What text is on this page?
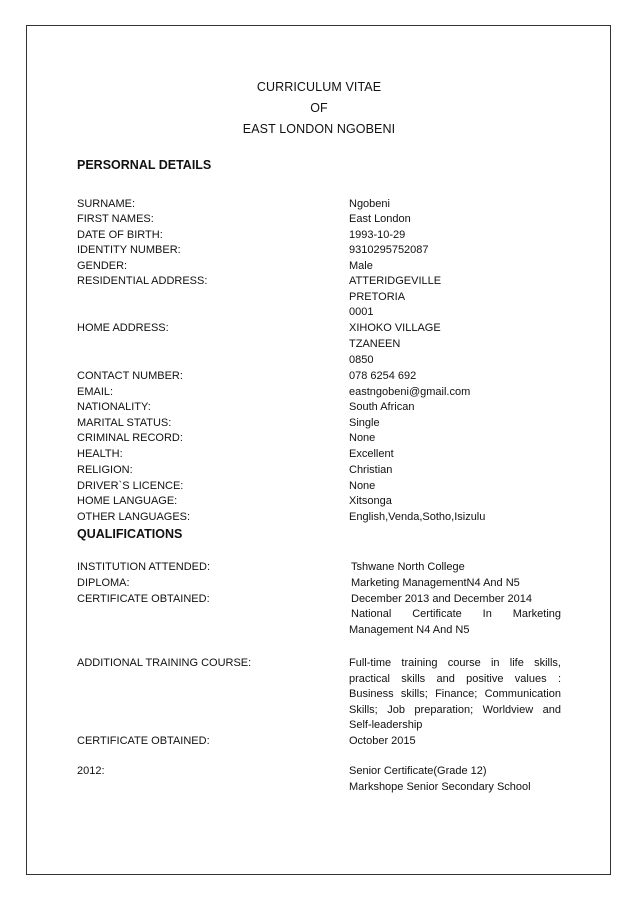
CURRICULUM VITAE
OF
EAST LONDON NGOBENI
PERSORNAL DETAILS
SURNAME:	Ngobeni
FIRST NAMES:	East London
DATE OF BIRTH:	1993-10-29
IDENTITY NUMBER:	9310295752087
GENDER:	Male
RESIDENTIAL ADDRESS:	ATTERIDGEVILLE
PRETORIA
0001
HOME ADDRESS:	XIHOKO VILLAGE
TZANEEN
0850
CONTACT NUMBER:	078 6254 692
EMAIL:	eastngobeni@gmail.com
NATIONALITY:	South African
MARITAL STATUS:	Single
CRIMINAL RECORD:	None
HEALTH:	Excellent
RELIGION:	Christian
DRIVER`S LICENCE:	None
HOME LANGUAGE:	Xitsonga
OTHER LANGUAGES:	English,Venda,Sotho,Isizulu
QUALIFICATIONS
INSTITUTION ATTENDED:	Tshwane North College
DIPLOMA:	Marketing ManagementN4 And N5
CERTIFICATE OBTAINED:	December 2013 and December 2014
National Certificate In Marketing
Management N4 And N5
ADDITIONAL TRAINING COURSE:	Full-time training course in life skills,
practical skills and positive values :
Business skills; Finance; Communication
Skills; Job preparation; Worldview and
Self-leadership
CERTIFICATE OBTAINED:	October 2015
2012:	Senior Certificate(Grade 12)
Markshope Senior Secondary School
